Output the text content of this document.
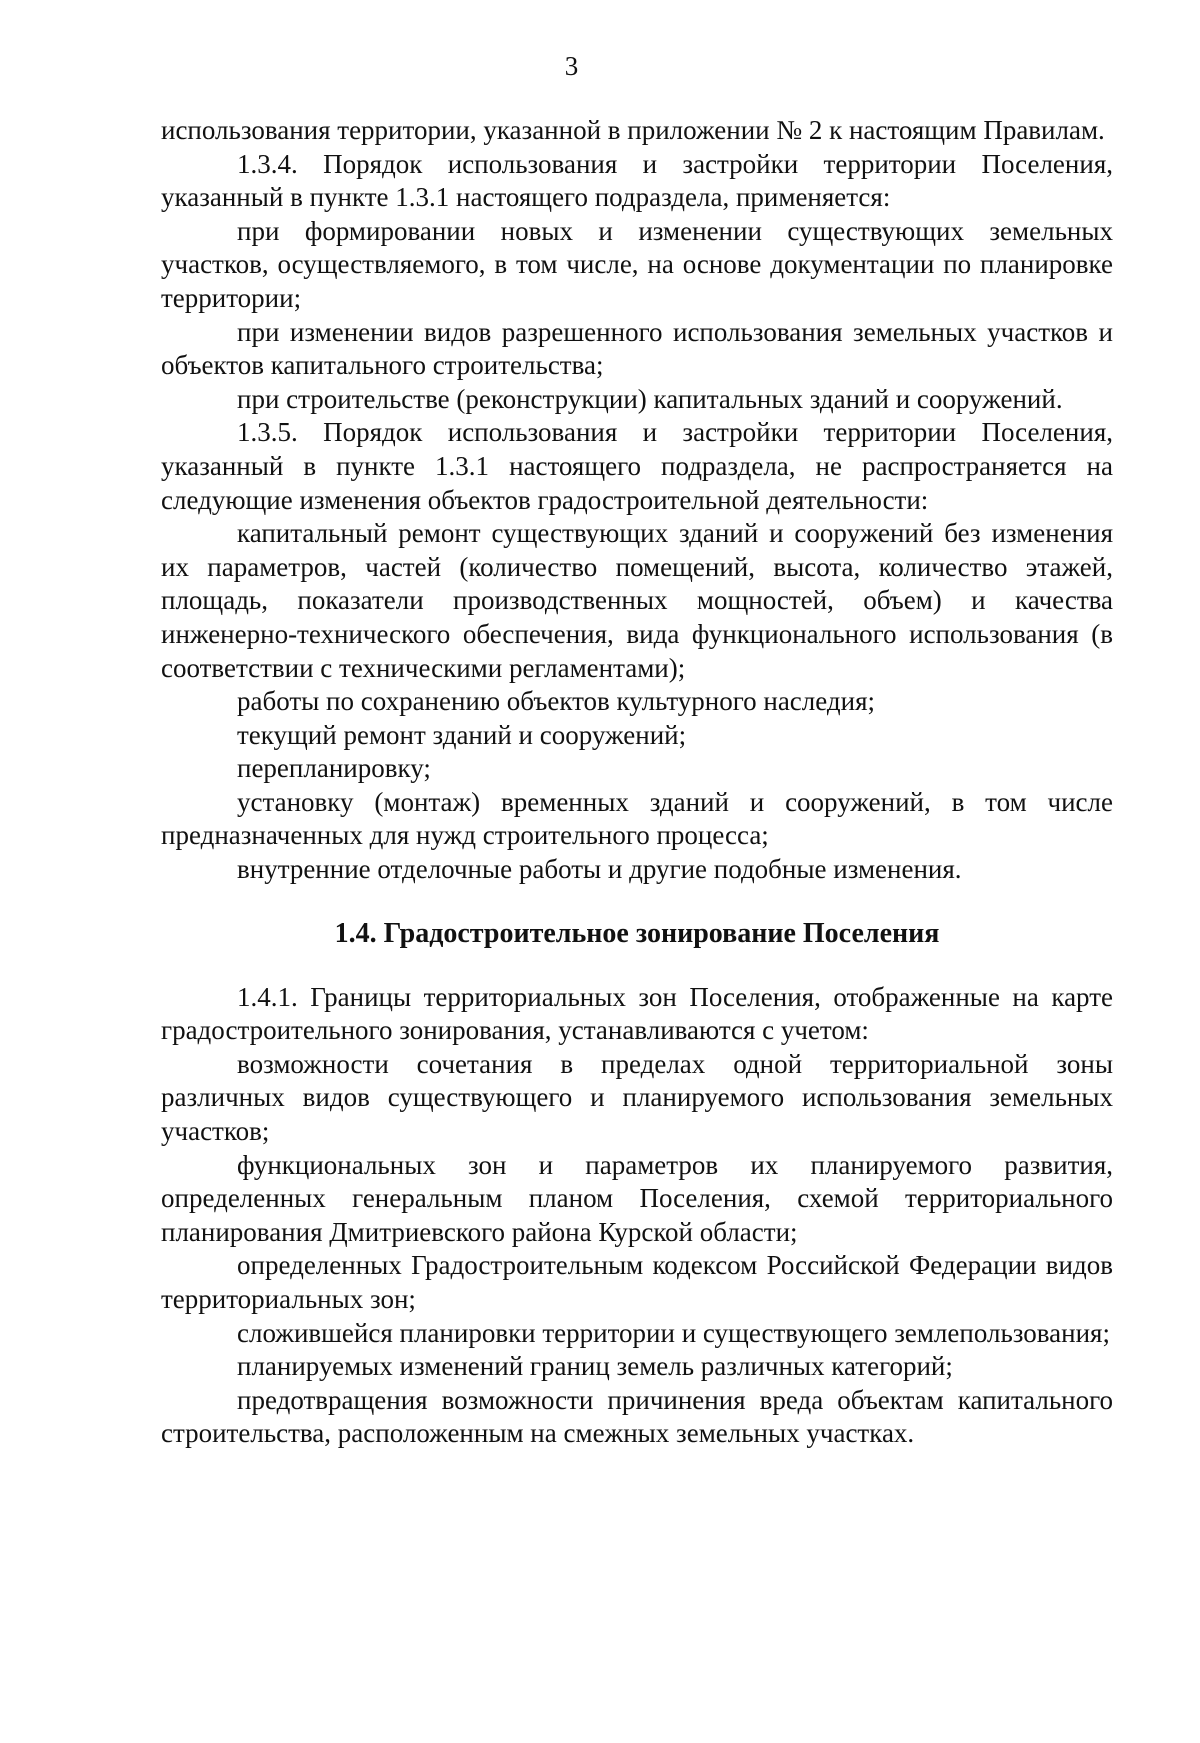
3

использования территории, указанной в приложении № 2 к настоящим Правилам.

1.3.4. Порядок использования и застройки территории Поселения, указанный в пункте 1.3.1 настоящего подраздела, применяется:

при формировании новых и изменении существующих земельных участков, осуществляемого, в том числе, на основе документации по планировке территории;

при изменении видов разрешенного использования земельных участков и объектов капитального строительства;

при строительстве (реконструкции) капитальных зданий и сооружений.

1.3.5. Порядок использования и застройки территории Поселения, указанный в пункте 1.3.1 настоящего подраздела, не распространяется на следующие изменения объектов градостроительной деятельности:

капитальный ремонт существующих зданий и сооружений без изменения их параметров, частей (количество помещений, высота, количество этажей, площадь, показатели производственных мощностей, объем) и качества инженерно-технического обеспечения, вида функционального использования (в соответствии с техническими регламентами);

работы по сохранению объектов культурного наследия;

текущий ремонт зданий и сооружений;

перепланировку;

установку (монтаж) временных зданий и сооружений, в том числе предназначенных для нужд строительного процесса;

внутренние отделочные работы и другие подобные изменения.

1.4. Градостроительное зонирование Поселения

1.4.1. Границы территориальных зон Поселения, отображенные на карте градостроительного зонирования, устанавливаются с учетом:

возможности сочетания в пределах одной территориальной зоны различных видов существующего и планируемого использования земельных участков;

функциональных зон и параметров их планируемого развития, определенных генеральным планом Поселения, схемой территориального планирования Дмитриевского района Курской области;

определенных Градостроительным кодексом Российской Федерации видов территориальных зон;

сложившейся планировки территории и существующего землепользования;

планируемых изменений границ земель различных категорий;

предотвращения возможности причинения вреда объектам капитального строительства, расположенным на смежных земельных участках.
